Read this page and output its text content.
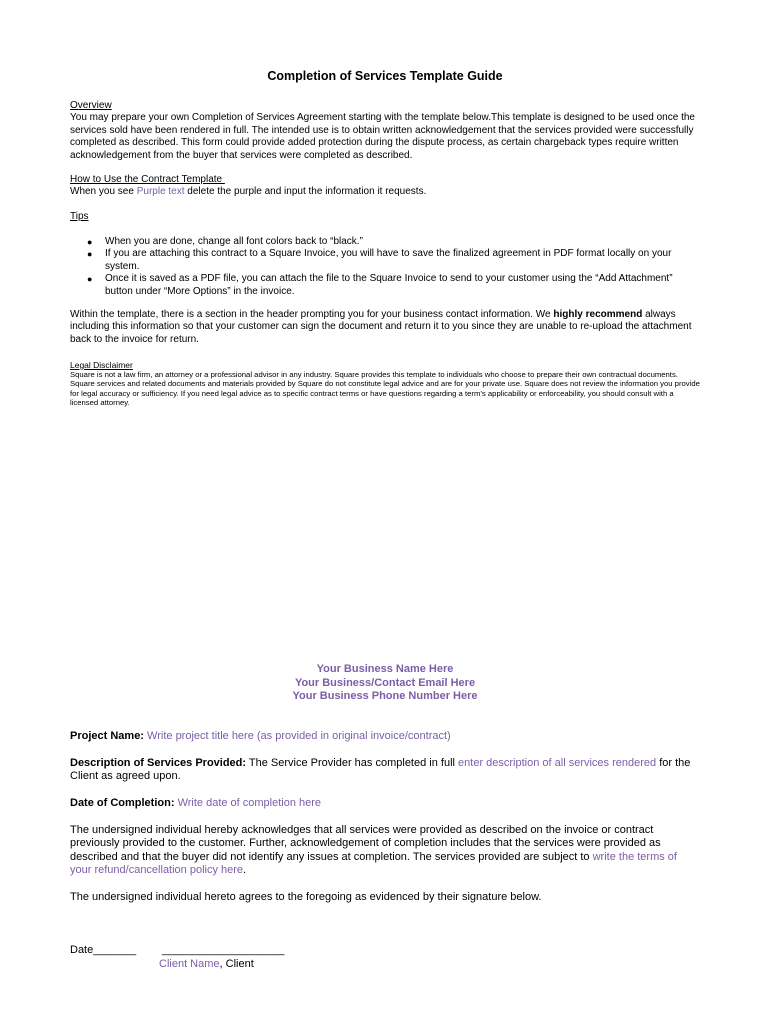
Completion of Services Template Guide
Overview
You may prepare your own Completion of Services Agreement starting with the template below.This template is designed to be used once the services sold have been rendered in full. The intended use is to obtain written acknowledgement that the services provided were successfully completed as described. This form could provide added protection during the dispute process, as certain chargeback types require written acknowledgement from the buyer that services were completed as described.
How to Use the Contract Template
When you see Purple text delete the purple and input the information it requests.
Tips
● When you are done, change all font colors back to “black.”
● If you are attaching this contract to a Square Invoice, you will have to save the finalized agreement in PDF format locally on your system.
● Once it is saved as a PDF file, you can attach the file to the Square Invoice to send to your customer using the “Add Attachment” button under “More Options” in the invoice.
Within the template, there is a section in the header prompting you for your business contact information. We highly recommend always including this information so that your customer can sign the document and return it to you since they are unable to re-upload the attachment back to the invoice for return.
Legal Disclaimer
Square is not a law firm, an attorney or a professional advisor in any industry. Square provides this template to individuals who choose to prepare their own contractual documents. Square services and related documents and materials provided by Square do not constitute legal advice and are for your private use. Square does not review the information you provide for legal accuracy or sufficiency. If you need legal advice as to specific contract terms or have questions regarding a term’s applicability or enforceability, you should consult with a licensed attorney.
Your Business Name Here
Your Business/Contact Email Here
Your Business Phone Number Here
Project Name: Write project title here (as provided in original invoice/contract)
Description of Services Provided: The Service Provider has completed in full enter description of all services rendered for the Client as agreed upon.
Date of Completion: Write date of completion here
The undersigned individual hereby acknowledges that all services were provided as described on the invoice or contract previously provided to the customer. Further, acknowledgement of completion includes that the services were provided as described and that the buyer did not identify any issues at completion. The services provided are subject to write the terms of your refund/cancellation policy here.
The undersigned individual hereto agrees to the foregoing as evidenced by their signature below.
Date_______ ____________________
Client Name, Client
